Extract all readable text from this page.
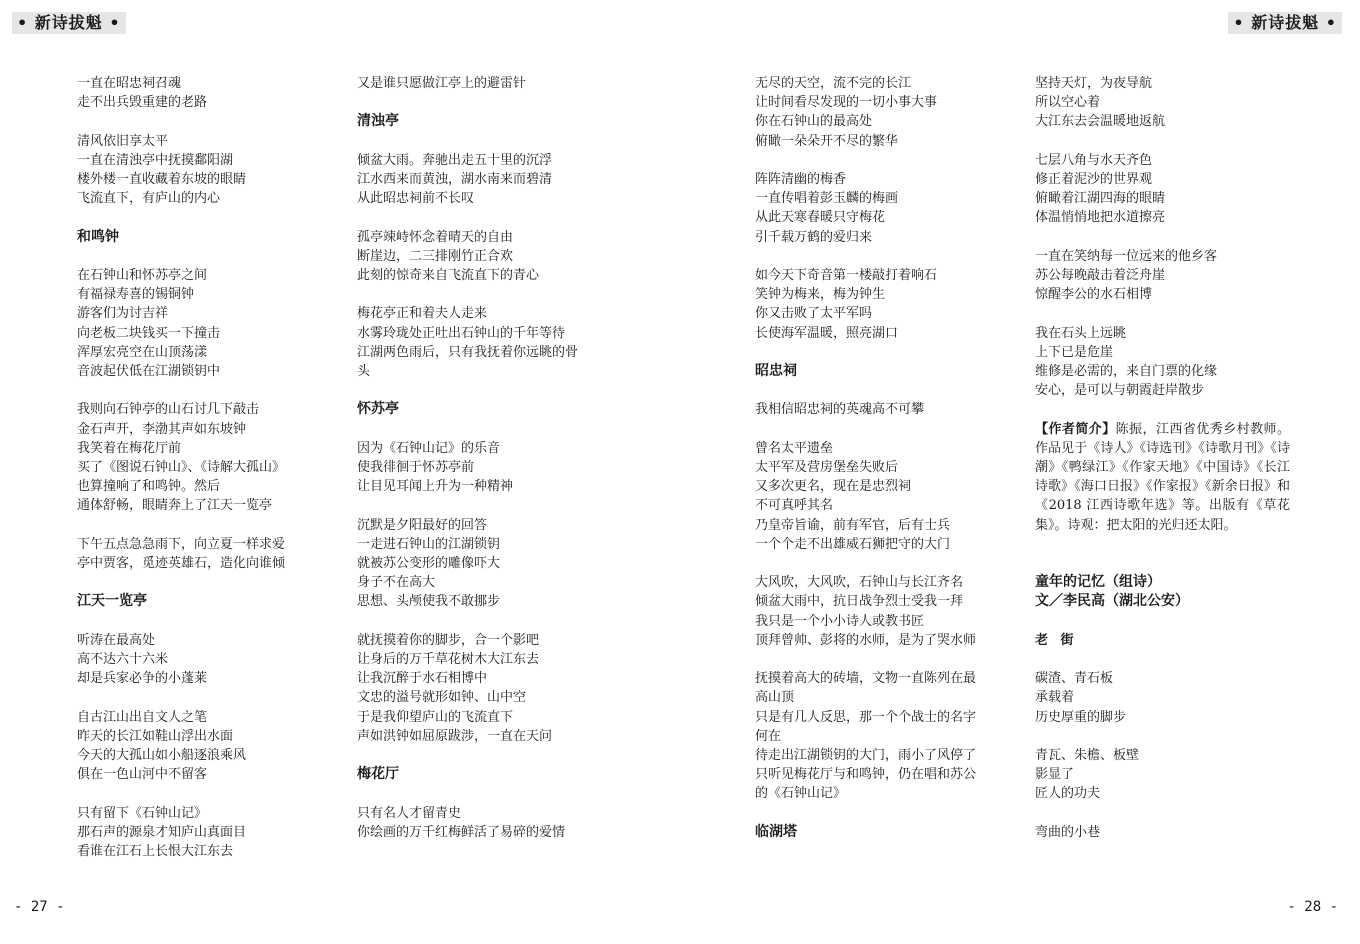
• 新诗拔魁 •	• 新诗拔魁 •
一直在昭忠祠召魂
走不出兵毁重建的老路
清风依旧享太平
一直在清浊亭中抚摸鄱阳湖
楼外楼一直收藏着东坡的眼睛
飞流直下，有庐山的内心
和鸣钟
在石钟山和怀苏亭之间
有福禄寿喜的锡铜钟
游客们为讨吉祥
向老板二块钱买一下撞击
浑厚宏亮空在山顶荡漾
音波起伏低在江湖锁钥中
我则向石钟亭的山石讨几下敲击
金石声开，李渤其声如东坡钟
我笑着在梅花厅前
买了《图说石钟山》、《诗解大孤山》
也算撞响了和鸣钟。然后
通体舒畅，眼睛奔上了江天一览亭
下午五点急急雨下，向立夏一样求爱
亭中贾客，觅迹英雄石，造化向谁倾
江天一览亭
听涛在最高处
高不达六十六米
却是兵家必争的小蓬莱
自古江山出自文人之笔
昨天的长江如鞋山浮出水面
今天的大孤山如小船逐浪乘风
俱在一色山河中不留客
只有留下《石钟山记》
那石声的源泉才知庐山真面目
看谁在江石上长恨大江东去
又是谁只愿做江亭上的避雷针
清浊亭
倾盆大雨。奔驰出走五十里的沉浮
江水西来而黄浊，湖水南来而碧清
从此昭忠祠前不长叹
孤亭竦峙怀念着晴天的自由
断崖边，二三排刚竹正合欢
此刻的惊奇来自飞流直下的青心
梅花亭正和着夫人走来
水雾玲珑处正吐出石钟山的千年等待
江湖两色雨后，只有我抚着你远眺的骨
头
怀苏亭
因为《石钟山记》的乐音
使我徘徊于怀苏亭前
让目见耳闻上升为一种精神
沉默是夕阳最好的回答
一走进石钟山的江湖锁钥
就被苏公变形的雕像吓大
身子不在高大
思想、头颅使我不敢挪步
就抚摸着你的脚步，合一个影吧
让身后的万千草花树木大江东去
让我沉醉于水石相博中
文忠的溢号就形如钟、山中空
于是我仰望庐山的飞流直下
声如洪钟如屈原跋涉，一直在天问
梅花厅
只有名人才留青史
你绘画的万千红梅鲜活了易碎的爱情
无尽的天空，流不完的长江
让时间看尽发现的一切小事大事
你在石钟山的最高处
俯瞰一朵朵开不尽的繁华
阵阵清幽的梅香
一直传唱着彭玉麟的梅画
从此天寒春暖只守梅花
引千载万鹤的爱归来
如今天下奇音第一楼敲打着响石
笑钟为梅来，梅为钟生
你又击败了太平军吗
长使海军温暖，照亮湖口
昭忠祠
我相信昭忠祠的英魂高不可攀
曾名太平遗垒
太平军及营房堡垒失败后
又多次更名，现在是忠烈祠
不可真呼其名
乃皇帝旨谕，前有军官，后有士兵
一个个走不出雄威石狮把守的大门
大风吹，大风吹，石钟山与长江齐名
倾盆大雨中，抗日战争烈士受我一拜
我只是一个小小诗人或教书匠
顶拜曾帅、彭将的水师，是为了哭水师
抚摸着高大的砖墙，文物一直陈列在最
高山顶
只是有几人反思，那一个个战士的名字
何在
待走出江湖锁钥的大门，雨小了风停了
只听见梅花厅与和鸣钟，仍在唱和苏公
的《石钟山记》
临湖塔
坚持天灯，为夜导航
所以空心着
大江东去会温暖地返航
七层八角与水天齐色
修正着泥沙的世界观
俯瞰着江湖四海的眼睛
体温悄悄地把水道擦亮
一直在笑纳每一位远来的他乡客
苏公每晚敲击着泛舟崖
惊醒李公的水石相博
我在石头上远眺
上下已是危崖
维修是必需的，来自门票的化缘
安心，是可以与朝霞赶岸散步
【作者简介】陈振，江西省优秀乡村教师。作品见于《诗人》《诗选刊》《诗歌月刊》《诗潮》《鸭绿江》《作家天地》《中国诗》《长江诗歌》《海口日报》《作家报》《新余日报》和《2018 江西诗歌年选》等。出版有《草花集》。诗观：把太阳的光归还太阳。
童年的记忆（组诗）
文／李民高（湖北公安）
老 街
碳渣、青石板
承载着
历史厚重的脚步
青瓦、朱檐、板壁
影显了
匠人的功夫
弯曲的小巷
- 27 -	- 28 -
